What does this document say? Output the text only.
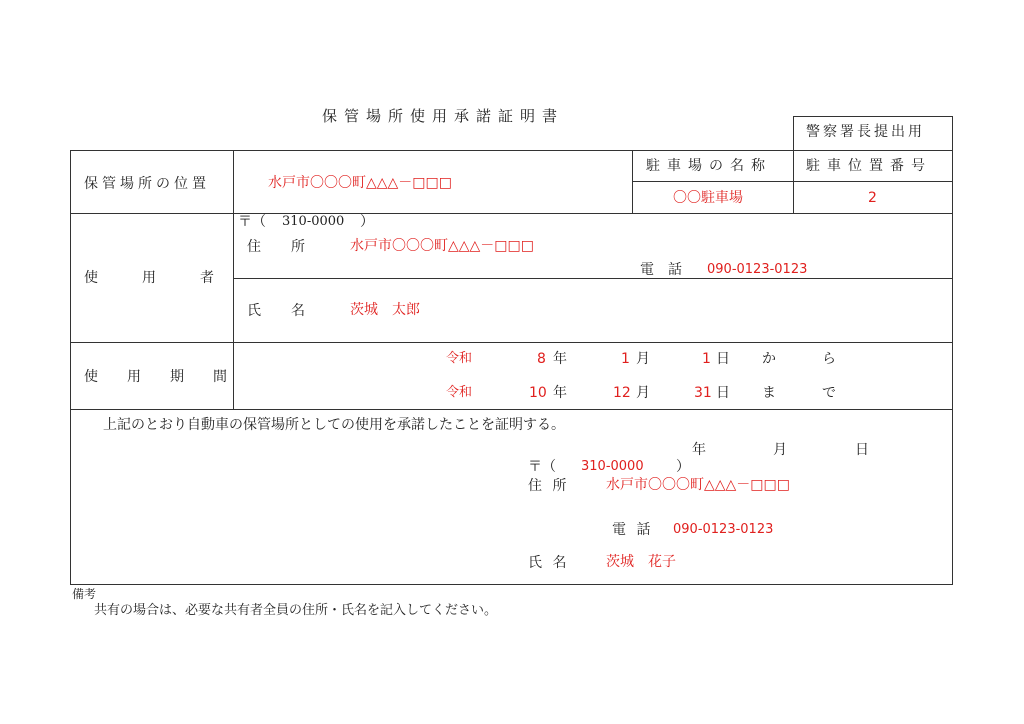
保管場所使用承諾証明書
警察署長提出用
保管場所の位置	水戸市〇〇〇町△△△－□□□
駐車場の名称 駐車位置番号
〇〇駐車場	2
使用者
〒（ 310-0000 ）
住　所	水戸市〇〇〇町△△△－□□□
電　話 090-0123-0123
氏　名	茨城　太郎
使用期間
令和	8 年	1 月	1 日 か　ら
令和	10 年	12 月	31 日 ま　で
上記のとおり自動車の保管場所としての使用を承諾したことを証明する。
年	月	日
〒（ 310-0000 ）
住 所	水戸市〇〇〇町△△△－□□□
電 話 090-0123-0123
氏 名	茨城　花子
備考
共有の場合は、必要な共有者全員の住所・氏名を記入してください。
